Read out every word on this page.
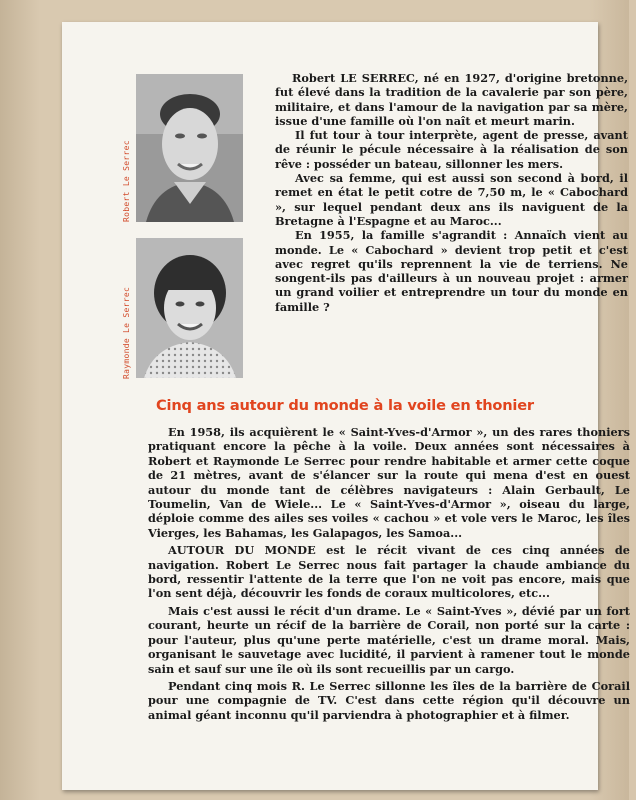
Robert Le Serrec
Raymonde Le Serrec

Robert LE SERREC, né en 1927, d'origine bretonne, fut élevé dans la tradition de la cavalerie par son père, militaire, et dans l'amour de la navigation par sa mère, issue d'une famille où l'on naît et meurt marin.

Il fut tour à tour interprète, agent de presse, avant de réunir le pécule nécessaire à la réalisation de son rêve : posséder un bateau, sillonner les mers.

Avec sa femme, qui est aussi son second à bord, il remet en état le petit cotre de 7,50 m, le « Cabochard », sur lequel pendant deux ans ils naviguent de la Bretagne à l'Espagne et au Maroc...

En 1955, la famille s'agrandit : Annaïch vient au monde. Le « Cabochard » devient trop petit et c'est avec regret qu'ils reprennent la vie de terriens. Ne songent-ils pas d'ailleurs à un nouveau projet : armer un grand voilier et entreprendre un tour du monde en famille ?

Cinq ans autour du monde à la voile en thonier

En 1958, ils acquièrent le « Saint-Yves-d'Armor », un des rares thoniers pratiquant encore la pêche à la voile. Deux années sont nécessaires à Robert et Raymonde Le Serrec pour rendre habitable et armer cette coque de 21 mètres, avant de s'élancer sur la route qui mena d'est en ouest autour du monde tant de célèbres navigateurs : Alain Gerbault, Le Toumelin, Van de Wiele... Le « Saint-Yves-d'Armor », oiseau du large, déploie comme des ailes ses voiles « cachou » et vole vers le Maroc, les îles Vierges, les Bahamas, les Galapagos, les Samoa...

AUTOUR DU MONDE est le récit vivant de ces cinq années de navigation. Robert Le Serrec nous fait partager la chaude ambiance du bord, ressentir l'attente de la terre que l'on ne voit pas encore, mais que l'on sent déjà, découvrir les fonds de coraux multicolores, etc...

Mais c'est aussi le récit d'un drame. Le « Saint-Yves », dévié par un fort courant, heurte un récif de la barrière de Corail, non porté sur la carte : pour l'auteur, plus qu'une perte matérielle, c'est un drame moral. Mais, organisant le sauvetage avec lucidité, il parvient à ramener tout le monde sain et sauf sur une île où ils sont recueillis par un cargo.

Pendant cinq mois R. Le Serrec sillonne les îles de la barrière de Corail pour une compagnie de TV. C'est dans cette région qu'il découvre un animal géant inconnu qu'il parviendra à photographier et à filmer.
